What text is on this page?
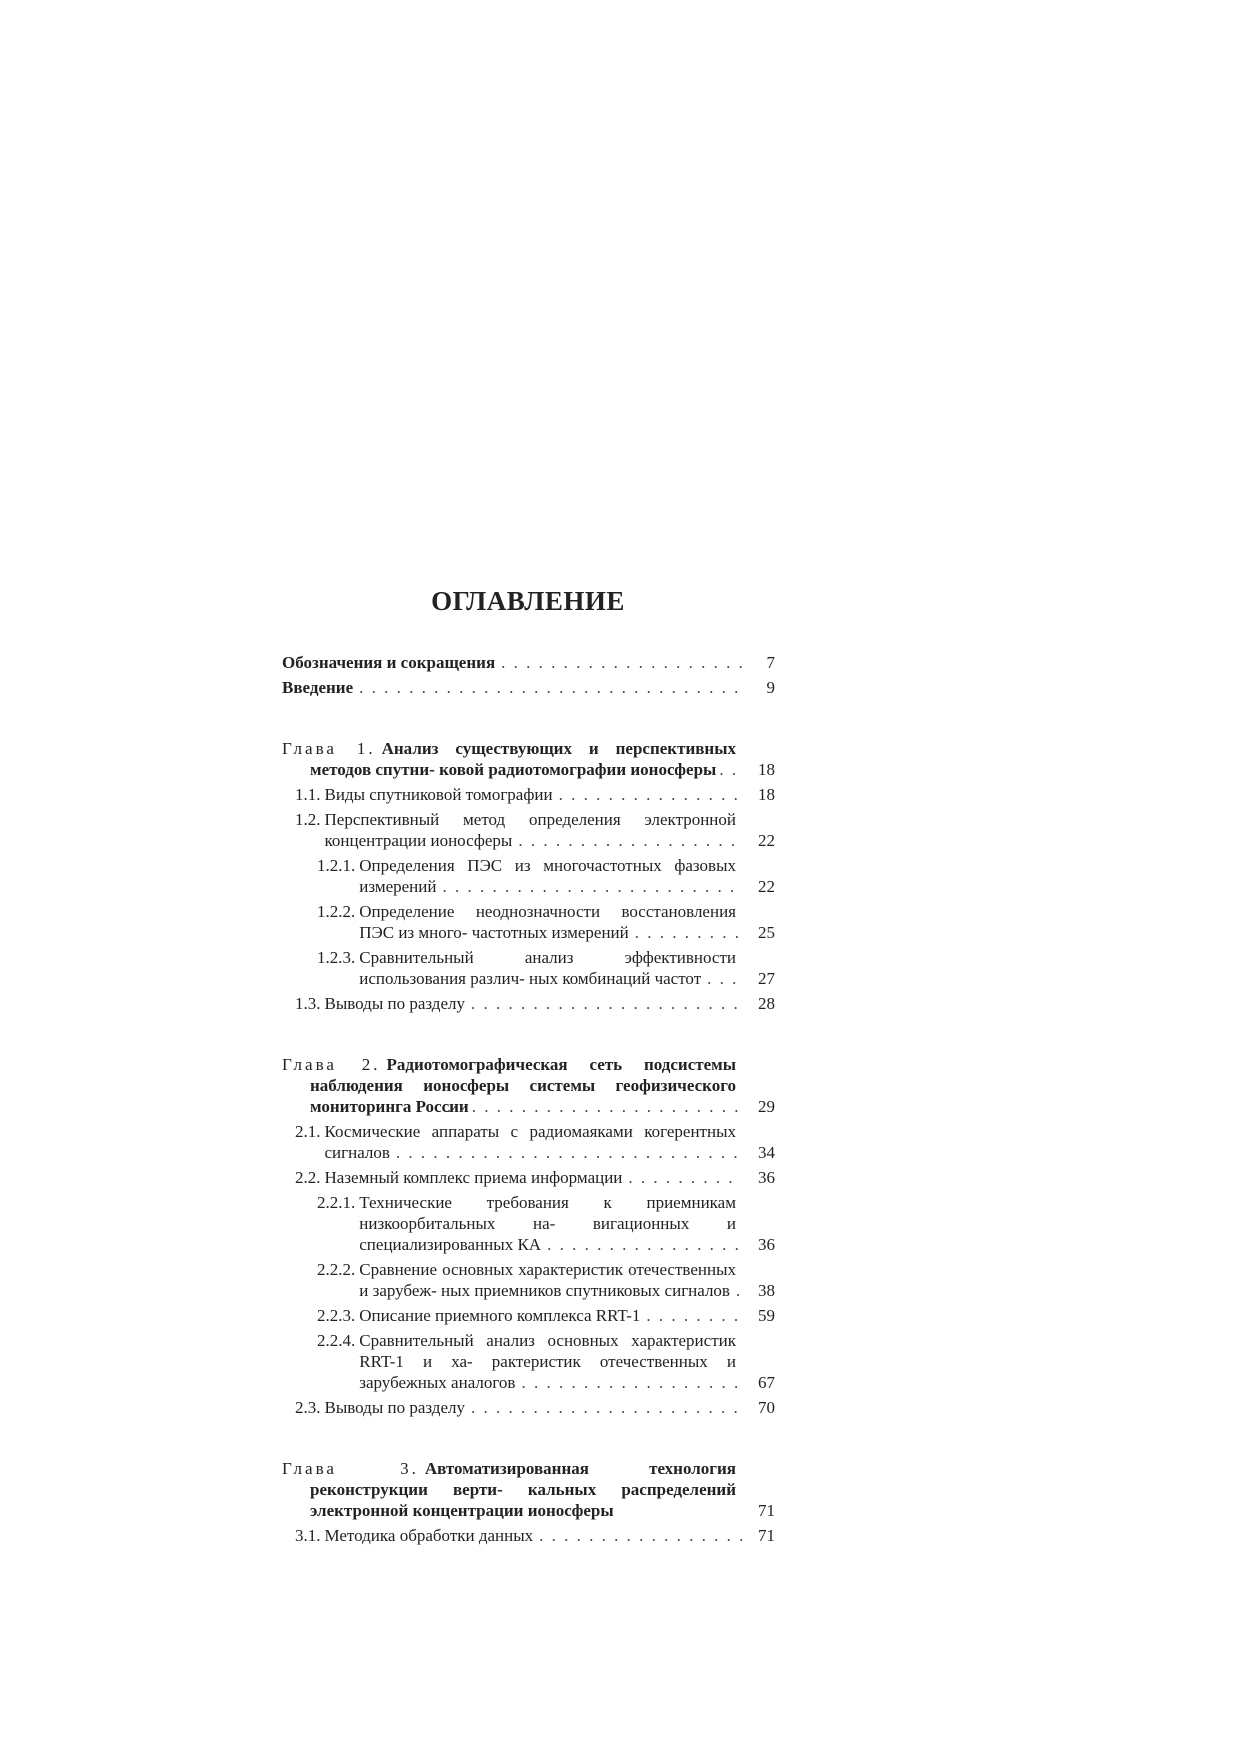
ОГЛАВЛЕНИЕ
Обозначения и сокращения	7
Введение	9
Глава 1. Анализ существующих и перспективных методов спутни- ковой радиотомографии ионосферы	18
1.1. Виды спутниковой томографии	18
1.2. Перспективный метод определения электронной концентрации ионосферы	22
1.2.1. Определения ПЭС из многочастотных фазовых измерений	22
1.2.2. Определение неоднозначности восстановления ПЭС из много- частотных измерений	25
1.2.3. Сравнительный анализ эффективности использования различ- ных комбинаций частот	27
1.3. Выводы по разделу	28
Глава 2. Радиотомографическая сеть подсистемы наблюдения ионосферы системы геофизического мониторинга России	29
2.1. Космические аппараты с радиомаяками когерентных сигналов	34
2.2. Наземный комплекс приема информации	36
2.2.1. Технические требования к приемникам низкоорбитальных на- вигационных и специализированных КА	36
2.2.2. Сравнение основных характеристик отечественных и зарубеж- ных приемников спутниковых сигналов	38
2.2.3. Описание приемного комплекса RRT-1	59
2.2.4. Сравнительный анализ основных характеристик RRT-1 и ха- рактеристик отечественных и зарубежных аналогов	67
2.3. Выводы по разделу	70
Глава 3. Автоматизированная технология реконструкции верти- кальных распределений электронной концентрации ионосферы	71
3.1. Методика обработки данных	71
